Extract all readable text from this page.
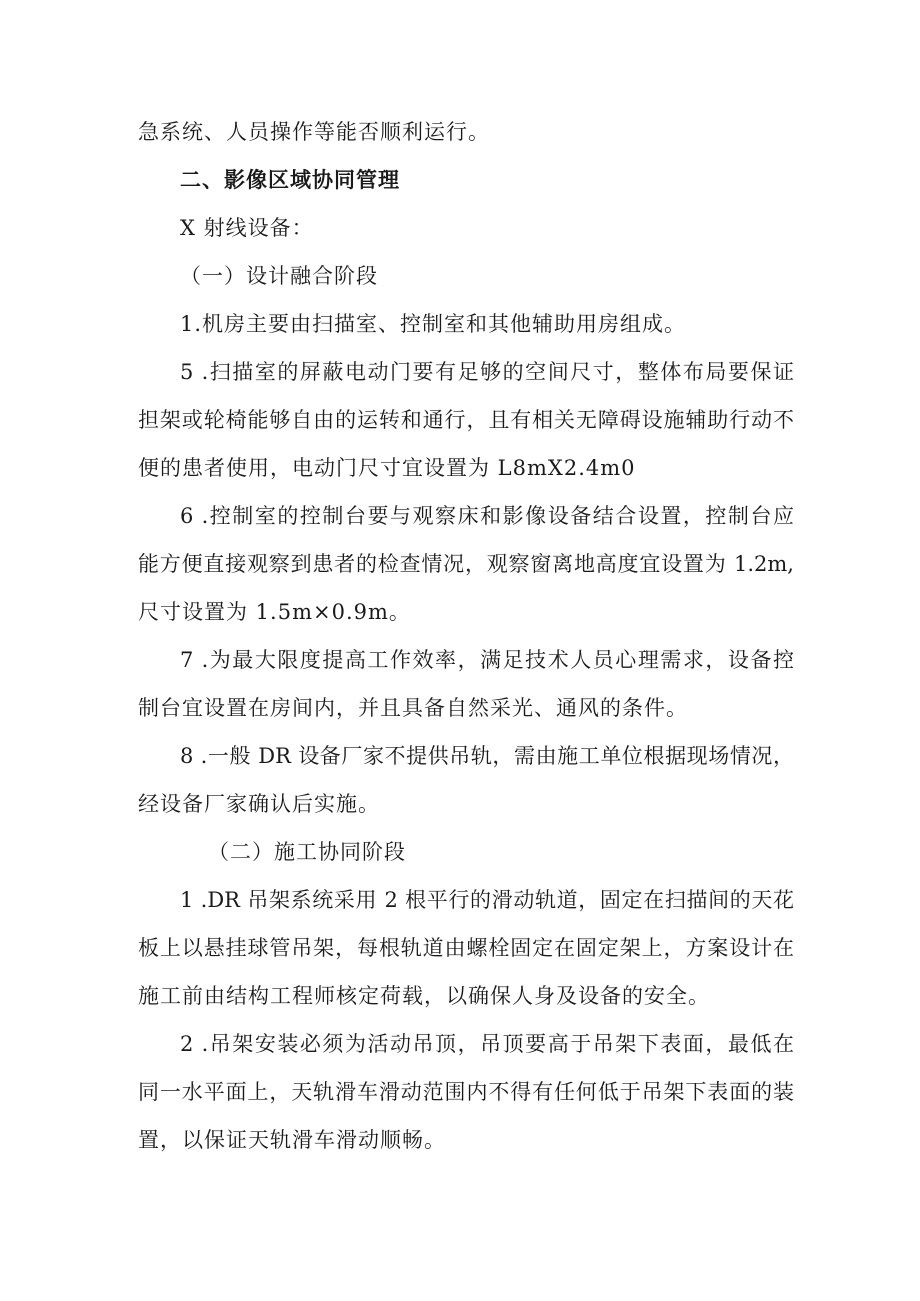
急系统、人员操作等能否顺利运行。
二、影像区域协同管理
X 射线设备：
（一）设计融合阶段
1.机房主要由扫描室、控制室和其他辅助用房组成。
5 .扫描室的屏蔽电动门要有足够的空间尺寸，整体布局要保证
担架或轮椅能够自由的运转和通行，且有相关无障碍设施辅助行动不
便的患者使用，电动门尺寸宜设置为 L8mX2.4m0
6 .控制室的控制台要与观察床和影像设备结合设置，控制台应
能方便直接观察到患者的检查情况，观察窗离地高度宜设置为 1.2m,
尺寸设置为 1.5m×0.9m。
7 .为最大限度提高工作效率，满足技术人员心理需求，设备控
制台宜设置在房间内，并且具备自然采光、通风的条件。
8 .一般 DR 设备厂家不提供吊轨，需由施工单位根据现场情况，
经设备厂家确认后实施。
（二）施工协同阶段
1 .DR 吊架系统采用 2 根平行的滑动轨道，固定在扫描间的天花
板上以悬挂球管吊架，每根轨道由螺栓固定在固定架上，方案设计在
施工前由结构工程师核定荷载，以确保人身及设备的安全。
2 .吊架安装必须为活动吊顶，吊顶要高于吊架下表面，最低在
同一水平面上，天轨滑车滑动范围内不得有任何低于吊架下表面的装
置，以保证天轨滑车滑动顺畅。
